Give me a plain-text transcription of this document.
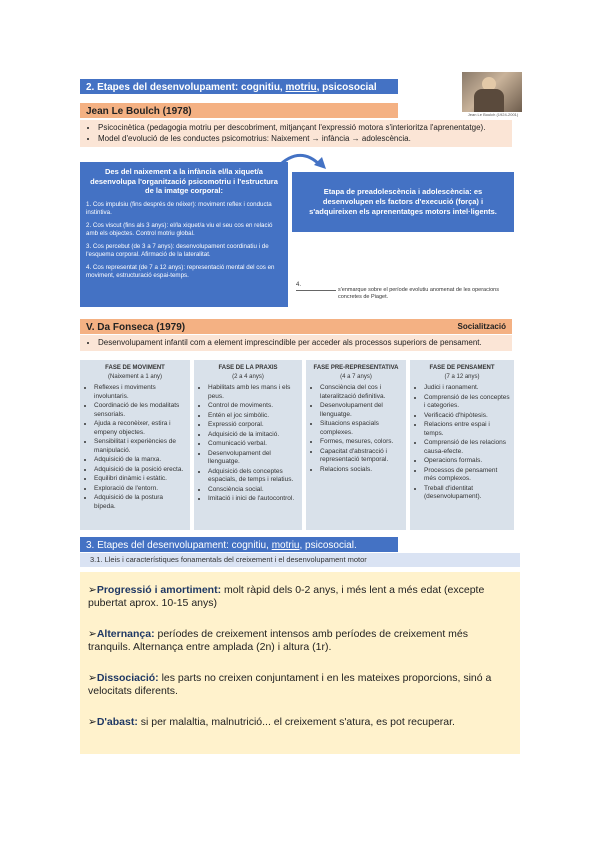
2. Etapes del desenvolupament: cognitiu, motriu, psicosocial
Jean Le Boulch (1924-2001)
Jean Le Boulch (1978)
• Psicocinètica (pedagogia motriu per descobriment, mitjançant l'expressió motora s'interioritza l'aprenentatge).
• Model d'evolució de les conductes psicomotrius: Naixement → infància → adolescència.
Des del naixement a la infància el/la xiquet/a desenvolupa l'organització psicomotriu i l'estructura de la imatge corporal:
1. Cos impulsiu (fins després de néixer): moviment reflex i conducta instintiva.
2. Cos viscut (fins als 3 anys): el/la xiquet/a viu el seu cos en relació amb els objectes. Control motriu global.
3. Cos percebut (de 3 a 7 anys): desenvolupament coordinatiu i de l'esquema corporal. Afirmació de la lateralitat.
4. Cos representat (de 7 a 12 anys): representació mental del cos en moviment, estructuració espai-temps.
Etapa de preadolescència i adolescència: es desenvolupen els factors d'execució (força) i s'adquireixen els aprenentatges motors intel·ligents.
4.
s'enmarque sobre el període evolutiu anomenat de les operacions concretes de Piaget.
V. Da Fonseca (1979)	Socialització
• Desenvolupament infantil com a element imprescindible per acceder als processos superiors de pensament.
FASE DE MOVIMENT
(Naixement a 1 any)
• Reflexes i moviments involuntaris.
• Coordinació de les modalitats sensorials.
• Ajuda a reconèixer, estira i empeny objectes.
• Sensibilitat i experiències de manipulació.
• Adquisició de la marxa.
• Adquisició de la posició erecta.
• Equilibri dinàmic i estàtic.
• Exploració de l'entorn.
• Adquisició de la postura bípeda.
FASE DE LA PRAXIS
(2 a 4 anys)
• Habilitats amb les mans i els peus.
• Control de moviments.
• Entén el joc simbòlic.
• Expressió corporal.
• Adquisició de la imitació.
• Comunicació verbal.
• Desenvolupament del llenguatge.
• Adquisició dels conceptes espacials, de temps i relatius.
• Consciència social.
• Imitació i inici de l'autocontrol.
FASE PRE-REPRESENTATIVA
(4 a 7 anys)
• Consciència del cos i lateralització definitiva.
• Desenvolupament del llenguatge.
• Situacions espacials complexes.
• Formes, mesures, colors.
• Capacitat d'abstracció i representació temporal.
• Relacions socials.
FASE DE PENSAMENT
(7 a 12 anys)
• Judici i raonament.
• Comprensió de les conceptes i categories.
• Verificació d'hipòtesis.
• Relacions entre espai i temps.
• Comprensió de les relacions causa-efecte.
• Operacions formals.
• Processos de pensament més complexos.
• Treball d'identitat (desenvolupament).
3. Etapes del desenvolupament: cognitiu, motriu, psicosocial.
3.1. Lleis i característiques fonamentals del creixement i el desenvolupament motor
➢Progressió i amortiment: molt ràpid dels 0-2 anys, i més lent a més edat (excepte pubertat aprox. 10-15 anys)
➢Alternança: períodes de creixement intensos amb períodes de creixement més tranquils. Alternança entre amplada (2n) i altura (1r).
➢Dissociació: les parts no creixen conjuntament i en les mateixes proporcions, sinó a velocitats diferents.
➢D'abast: si per malaltia, malnutrició... el creixement s'atura, es pot recuperar.
